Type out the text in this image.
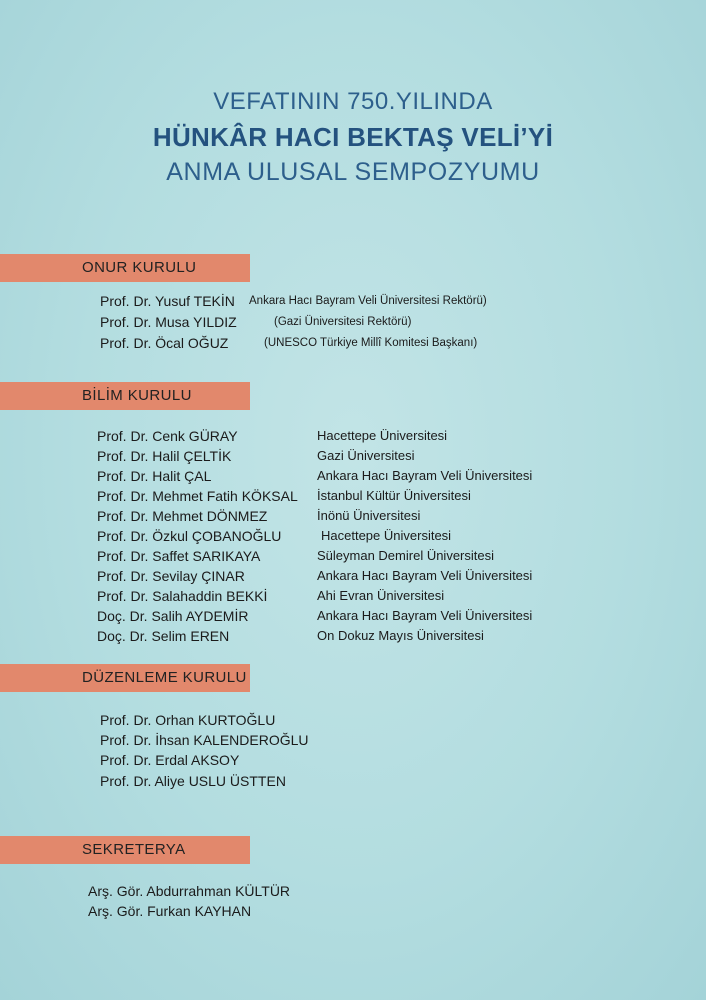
VEFATININ 750.YILINDA
HÜNKÂR HACI BEKTAŞ VELİ’Yİ
ANMA ULUSAL SEMPOZYUMU
ONUR KURULU
Prof. Dr. Yusuf TEKİN Ankara Hacı Bayram Veli Üniversitesi Rektörü)
Prof. Dr. Musa YILDIZ	(Gazi Üniversitesi Rektörü)
Prof. Dr. Öcal OĞUZ	(UNESCO Türkiye Millî Komitesi Başkanı)
BİLİM KURULU
Prof. Dr. Cenk GÜRAY	Hacettepe Üniversitesi
Prof. Dr. Halil ÇELTİK	Gazi Üniversitesi
Prof. Dr. Halit ÇAL	Ankara Hacı Bayram Veli Üniversitesi
Prof. Dr. Mehmet Fatih KÖKSAL İstanbul Kültür Üniversitesi
Prof. Dr. Mehmet DÖNMEZ	İnönü Üniversitesi
Prof. Dr. Özkul ÇOBANOĞLU	Hacettepe Üniversitesi
Prof. Dr. Saffet SARIKAYA	Süleyman Demirel Üniversitesi
Prof. Dr. Sevilay ÇINAR	Ankara Hacı Bayram Veli Üniversitesi
Prof. Dr. Salahaddin BEKKİ	Ahi Evran Üniversitesi
Doç. Dr. Salih AYDEMİR	Ankara Hacı Bayram Veli Üniversitesi
Doç. Dr. Selim EREN	On Dokuz Mayıs Üniversitesi
DÜZENLEME KURULU
Prof. Dr. Orhan KURTOĞLU
Prof. Dr. İhsan KALENDEROĞLU
Prof. Dr. Erdal AKSOY
Prof. Dr. Aliye USLU ÜSTTEN
SEKRETERYA
Arş. Gör. Abdurrahman KÜLTÜR
Arş. Gör. Furkan KAYHAN
